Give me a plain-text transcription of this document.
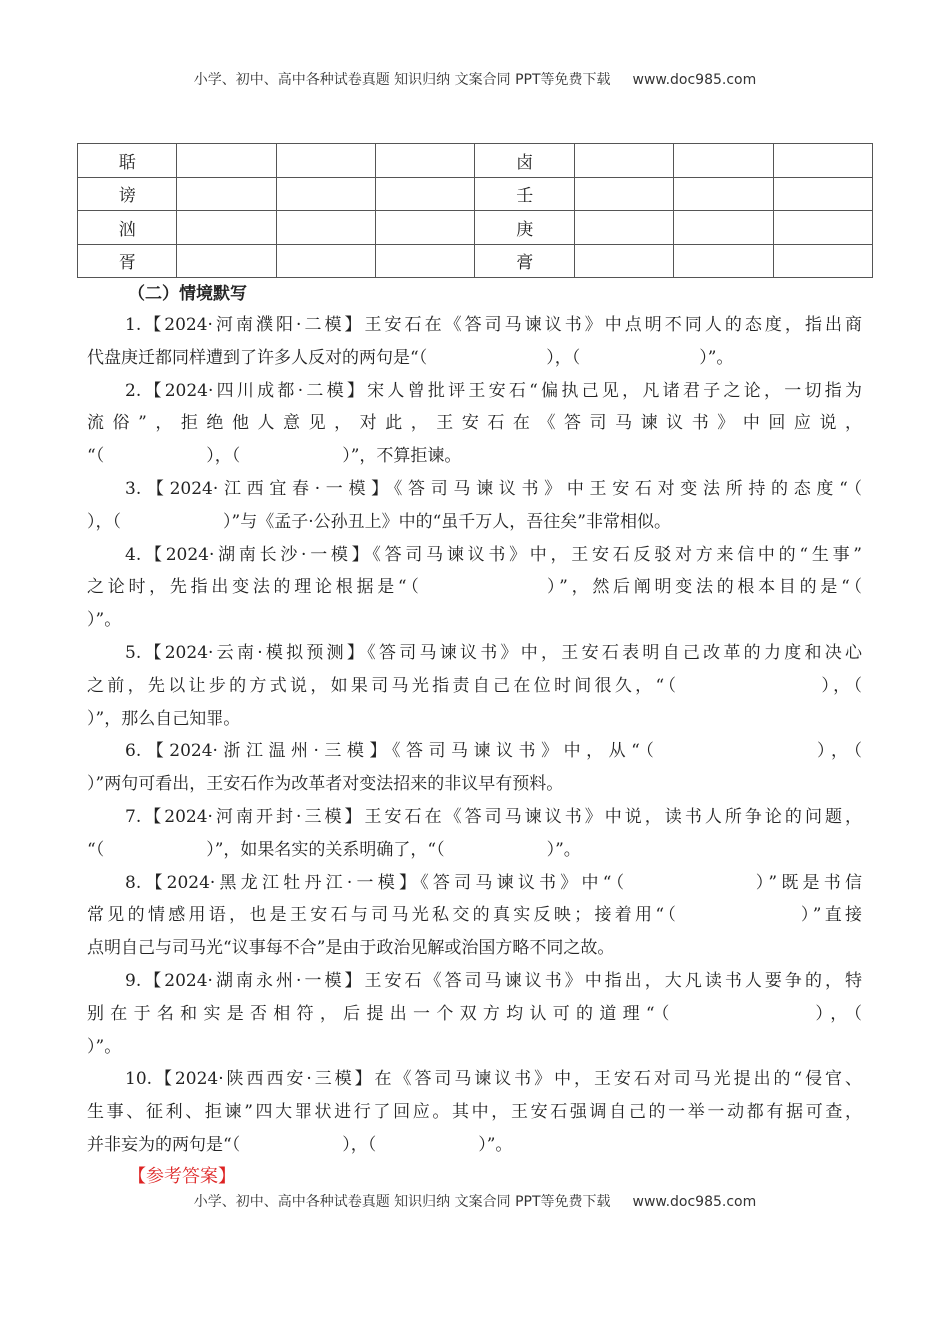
小学、初中、高中各种试卷真题 知识归纳 文案合同 PPT等免费下载 www.doc985.com
聒				卤			
谤				壬			
汹				庚			
胥				膏			
（二）情境默写
1.【2024·河南濮阳·二模】王安石在《答司马谏议书》中点明不同人的态度，指出商
代盘庚迁都同样遭到了许多人反对的两句是“（　　　　　　　），（　　　　　　　）”。
2.【2024·四川成都·二模】宋人曾批评王安石“偏执己见，凡诸君子之论，一切指为
流俗”，拒绝他人意见，对此，王安石在《答司马谏议书》中回应说，
“（　　　　　　），（　　　　　　）”，不算拒谏。
3.【2024·江西宜春·一模】《答司马谏议书》中王安石对变法所持的态度“（
），（　　　　　　）”与《孟子·公孙丑上》中的“虽千万人，吾往矣”非常相似。
4.【2024·湖南长沙·一模】《答司马谏议书》中，王安石反驳对方来信中的“生事”
之论时，先指出变法的理论根据是“（　　　　　　）”，然后阐明变法的根本目的是“（
）”。
5.【2024·云南·模拟预测】《答司马谏议书》中，王安石表明自己改革的力度和决心
之前，先以让步的方式说，如果司马光指责自己在位时间很久，“（　　　　　　　），（
）”，那么自己知罪。
6.【2024·浙江温州·三模】《答司马谏议书》中，从“（　　　　　　　），（
）”两句可看出，王安石作为改革者对变法招来的非议早有预料。
7.【2024·河南开封·三模】王安石在《答司马谏议书》中说，读书人所争论的问题，
“（　　　　　　）”，如果名实的关系明确了，“（　　　　　　）”。
8.【2024·黑龙江牡丹江·一模】《答司马谏议书》中“（　　　　　　）”既是书信
常见的情感用语，也是王安石与司马光私交的真实反映；接着用“（　　　　　　）”直接
点明自己与司马光“议事每不合”是由于政治见解或治国方略不同之故。
9.【2024·湖南永州·一模】王安石《答司马谏议书》中指出，大凡读书人要争的，特
别在于名和实是否相符，后提出一个双方均认可的道理“（　　　　　　），（
）”。
10.【2024·陕西西安·三模】在《答司马谏议书》中，王安石对司马光提出的“侵官、
生事、征利、拒谏”四大罪状进行了回应。其中，王安石强调自己的一举一动都有据可查，
并非妄为的两句是“（　　　　　　），（　　　　　　）”。
【参考答案】
小学、初中、高中各种试卷真题 知识归纳 文案合同 PPT等免费下载 www.doc985.com
